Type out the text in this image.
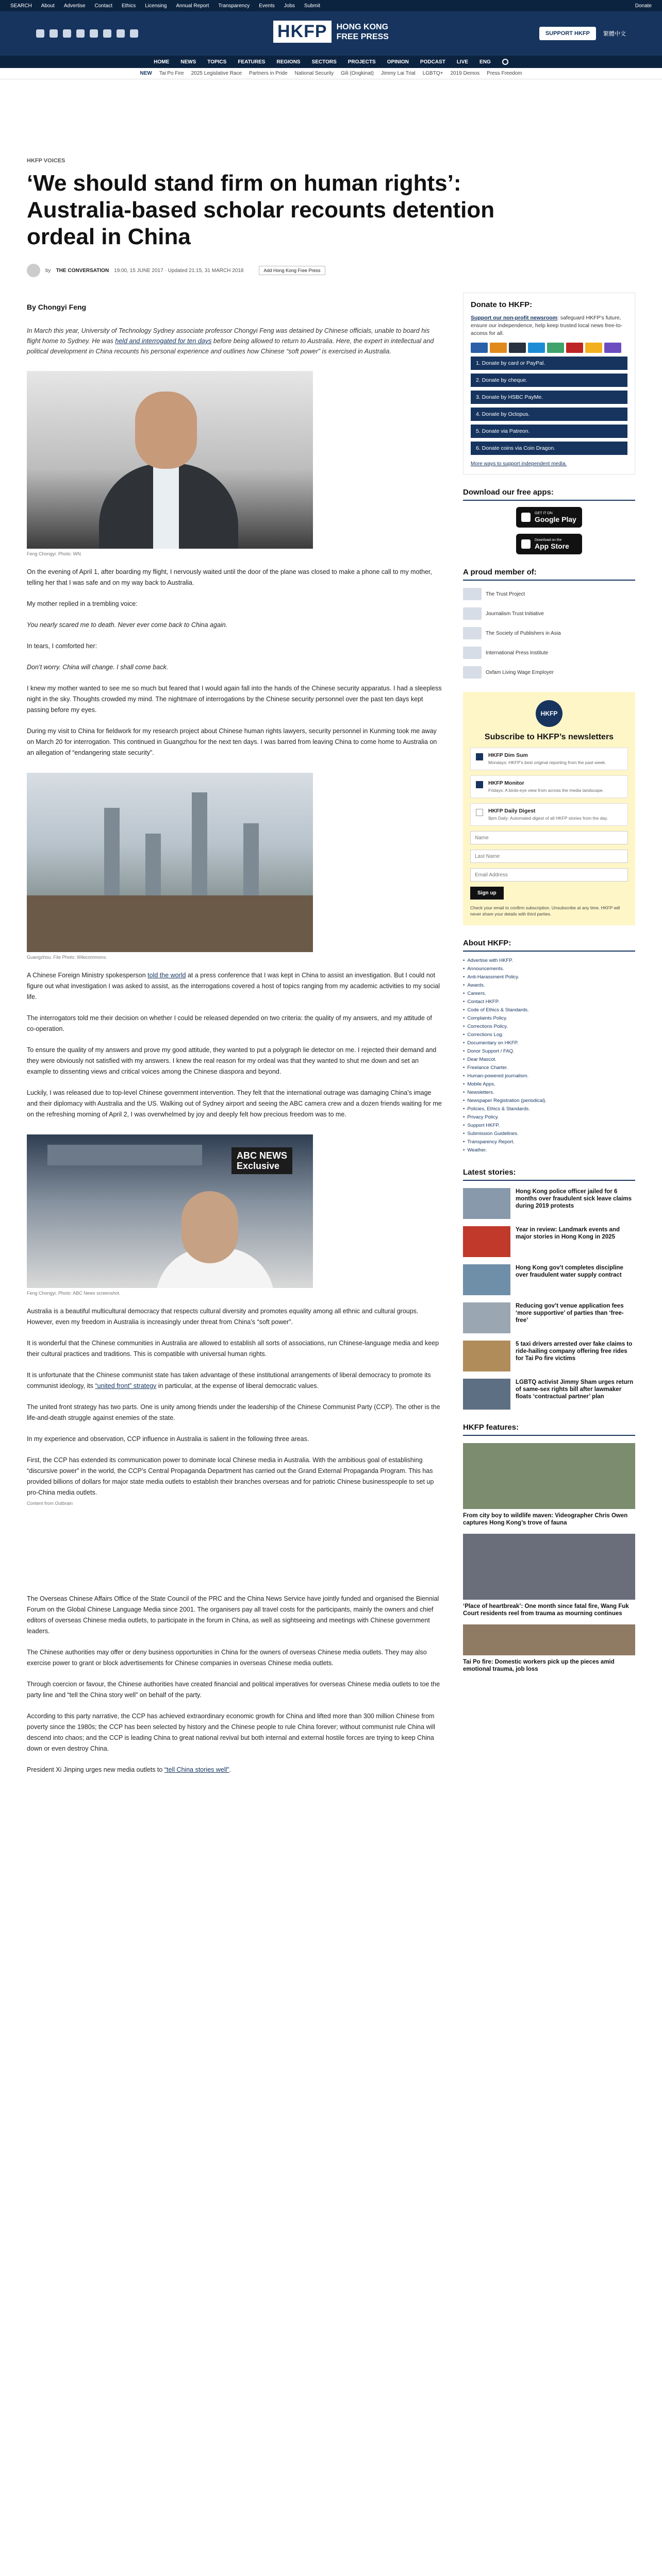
SEARCH About Advertise Contact Ethics Licensing Annual Report Transparency Events Jobs Submit	Donate
HKFP	HONG KONG
FREE PRESS	SUPPORT HKFP	繁體中文
HOME NEWS TOPICS FEATURES REGIONS SECTORS PROJECTS OPINION PODCAST LIVE ENG
NEW Tai Po Fire 2025 Legislative Race Partners in Pride National Security Gili (Ongkinat) Jimmy Lai Trial LGBTQ+ 2019 Demos Press Freedom
HKFP VOICES
‘We should stand firm on human rights’: Australia-based scholar recounts detention ordeal in China
by THE CONVERSATION 19:00, 15 JUNE 2017 · Updated 21:15, 31 MARCH 2018	Add Hong Kong Free Press
By Chongyi Feng

In March this year, University of Technology Sydney associate professor Chongyi Feng was detained by Chinese officials, unable to board his flight home to Sydney. He was held and interrogated for ten days before being allowed to return to Australia. Here, the expert in intellectual and political development in China recounts his personal experience and outlines how Chinese “soft power” is exercised in Australia.

Feng Chongyi. Photo: WN.

On the evening of April 1, after boarding my flight, I nervously waited until the door of the plane was closed to make a phone call to my mother, telling her that I was safe and on my way back to Australia.

My mother replied in a trembling voice:

You nearly scared me to death. Never ever come back to China again.

In tears, I comforted her:

Don’t worry. China will change. I shall come back.

I knew my mother wanted to see me so much but feared that I would again fall into the hands of the Chinese security apparatus. I had a sleepless night in the sky. Thoughts crowded my mind. The nightmare of interrogations by the Chinese security personnel over the past ten days kept passing before my eyes.

During my visit to China for fieldwork for my research project about Chinese human rights lawyers, security personnel in Kunming took me away on March 20 for interrogation. This continued in Guangzhou for the next ten days. I was barred from leaving China to come home to Australia on an allegation of “endangering state security”.

Guangzhou. File Photo: Wikicommons.

A Chinese Foreign Ministry spokesperson told the world at a press conference that I was kept in China to assist an investigation. But I could not figure out what investigation I was asked to assist, as the interrogations covered a host of topics ranging from my academic activities to my social life.

The interrogators told me their decision on whether I could be released depended on two criteria: the quality of my answers, and my attitude of co-operation.

To ensure the quality of my answers and prove my good attitude, they wanted to put a polygraph lie detector on me. I rejected their demand and they were obviously not satisfied with my answers. I knew the real reason for my ordeal was that they wanted to shut me down and set an example to dissenting views and critical voices among the Chinese diaspora and beyond.

Luckily, I was released due to top-level Chinese government intervention. They felt that the international outrage was damaging China’s image and their diplomacy with Australia and the US. Walking out of Sydney airport and seeing the ABC camera crew and a dozen friends waiting for me on the refreshing morning of April 2, I was overwhelmed by joy and deeply felt how precious freedom was to me.

ABC NEWS
Exclusive
Feng Chongyi. Photo: ABC News screenshot.

Australia is a beautiful multicultural democracy that respects cultural diversity and promotes equality among all ethnic and cultural groups. However, even my freedom in Australia is increasingly under threat from China’s “soft power”.

It is wonderful that the Chinese communities in Australia are allowed to establish all sorts of associations, run Chinese-language media and keep their cultural practices and traditions. This is compatible with universal human rights.

It is unfortunate that the Chinese communist state has taken advantage of these institutional arrangements of liberal democracy to promote its communist ideology, its “united front” strategy in particular, at the expense of liberal democratic values.

The united front strategy has two parts. One is unity among friends under the leadership of the Chinese Communist Party (CCP). The other is the life-and-death struggle against enemies of the state.

In my experience and observation, CCP influence in Australia is salient in the following three areas.

First, the CCP has extended its communication power to dominate local Chinese media in Australia. With the ambitious goal of establishing “discursive power” in the world, the CCP’s Central Propaganda Department has carried out the Grand External Propaganda Program. This has provided billions of dollars for major state media outlets to establish their branches overseas and for patriotic Chinese businesspeople to set up pro-China media outlets.

Content from Outbrain

The Overseas Chinese Affairs Office of the State Council of the PRC and the China News Service have jointly funded and organised the Biennial Forum on the Global Chinese Language Media since 2001. The organisers pay all travel costs for the participants, mainly the owners and chief editors of overseas Chinese media outlets, to participate in the forum in China, as well as sightseeing and meetings with Chinese government leaders.

The Chinese authorities may offer or deny business opportunities in China for the owners of overseas Chinese media outlets. They may also exercise power to grant or block advertisements for Chinese companies in overseas Chinese media outlets.

Through coercion or favour, the Chinese authorities have created financial and political imperatives for overseas Chinese media outlets to toe the party line and “tell the China story well” on behalf of the party.

According to this party narrative, the CCP has achieved extraordinary economic growth for China and lifted more than 300 million Chinese from poverty since the 1980s; the CCP has been selected by history and the Chinese people to rule China forever; without communist rule China will descend into chaos; and the CCP is leading China to great national revival but both internal and external hostile forces are trying to keep China down or even destroy China.

President Xi Jinping urges new media outlets to “tell China stories well”.

Donate to HKFP:

Support our non-profit newsroom: safeguard HKFP’s future, ensure our independence, help keep trusted local news free-to-access for all.

1. Donate by card or PayPal.
2. Donate by cheque.
3. Donate by HSBC PayMe.
4. Donate by Octopus.
5. Donate via Patreon.
6. Donate coins via Coin Dragon.
More ways to support independent media.
Download our free apps:
GET IT ON
Google Play
Download on the
App Store
A proud member of:
The Trust Project
Journalism Trust Initiative
The Society of Publishers in Asia
International Press Institute
Oxfam Living Wage Employer
HKFP
Subscribe to HKFP’s newsletters
HKFP Dim Sum
Mondays: HKFP’s best original reporting from the past week.
HKFP Monitor
Fridays: A birds-eye view from across the media landscape.
HKFP Daily Digest
9pm Daily: Automated digest of all HKFP stories from the day.
Name
Last Name
Email Address Sign up

Check your email to confirm subscription. Unsubscribe at any time. HKFP will never share your details with third parties.

About HKFP:
• Advertise with HKFP.
• Announcements.
• Anti-Harassment Policy.
• Awards.
• Careers.
• Contact HKFP.
• Code of Ethics & Standards.
• Complaints Policy.
• Corrections Policy.
• Corrections Log.
• Documentary on HKFP.
• Donor Support / FAQ.
• Dear Mascot.
• Freelance Charter.
• Human-powered journalism.
• Mobile Apps.
• Newsletters.
• Newspaper Registration (periodical).
• Policies, Ethics & Standards.
• Privacy Policy.
• Support HKFP.
• Submission Guidelines.
• Transparency Report.
• Weather.
Latest stories:
Hong Kong police officer jailed for 6 months over fraudulent sick leave claims during 2019 protests
Year in review: Landmark events and major stories in Hong Kong in 2025
Hong Kong gov’t completes discipline over fraudulent water supply contract
Reducing gov’t venue application fees ‘more supportive’ of parties than ‘free-free’
5 taxi drivers arrested over fake claims to ride-hailing company offering free rides for Tai Po fire victims
LGBTQ activist Jimmy Sham urges return of same-sex rights bill after lawmaker floats ‘contractual partner’ plan
HKFP features:
From city boy to wildlife maven: Videographer Chris Owen captures Hong Kong’s trove of fauna
‘Place of heartbreak’: One month since fatal fire, Wang Fuk Court residents reel from trauma as mourning continues
Tai Po fire: Domestic workers pick up the pieces amid emotional trauma, job loss
